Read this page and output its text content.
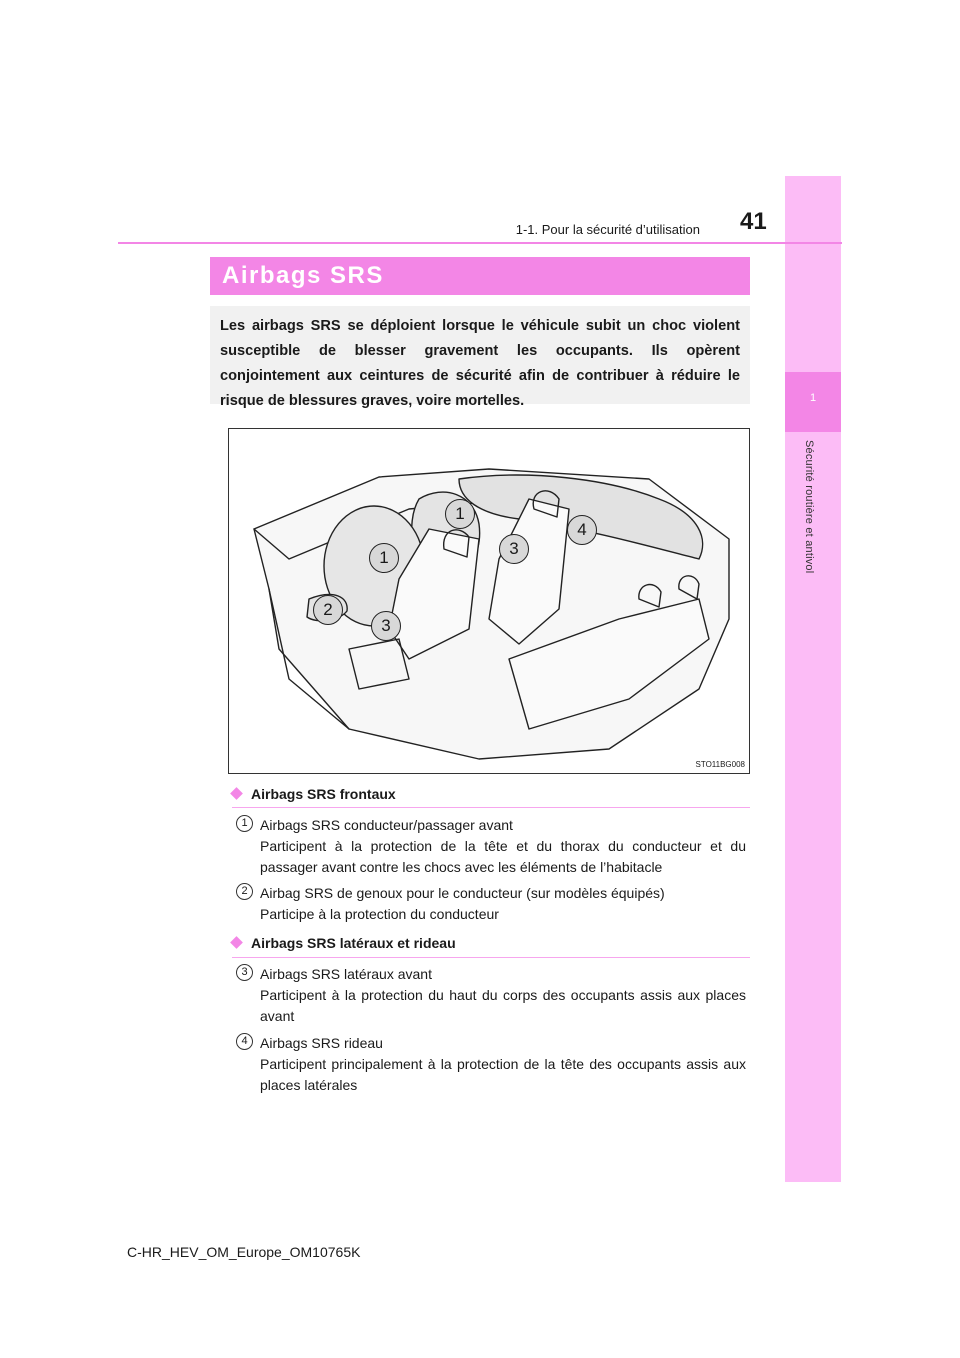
1
Sécurité routière et antivol
41
1-1. Pour la sécurité d’utilisation
Airbags SRS
Les airbags SRS se déploient lorsque le véhicule subit un choc violent susceptible de blesser gravement les occupants. Ils opèrent conjointement aux ceintures de sécurité afin de contribuer à réduire le risque de blessures graves, voire mortelles.
1
1
2
3
3
4
STO11BG008
Airbags SRS frontaux
1 Airbags SRS conducteur/passager avant

Participent à la protection de la tête et du thorax du conducteur et du passager avant contre les chocs avec les éléments de l’habitacle

2 Airbag SRS de genoux pour le conducteur (sur modèles équipés)

Participe à la protection du conducteur

Airbags SRS latéraux et rideau
3 Airbags SRS latéraux avant

Participent à la protection du haut du corps des occupants assis aux places avant

4 Airbags SRS rideau

Participent principalement à la protection de la tête des occupants assis aux places latérales

C-HR_HEV_OM_Europe_OM10765K
